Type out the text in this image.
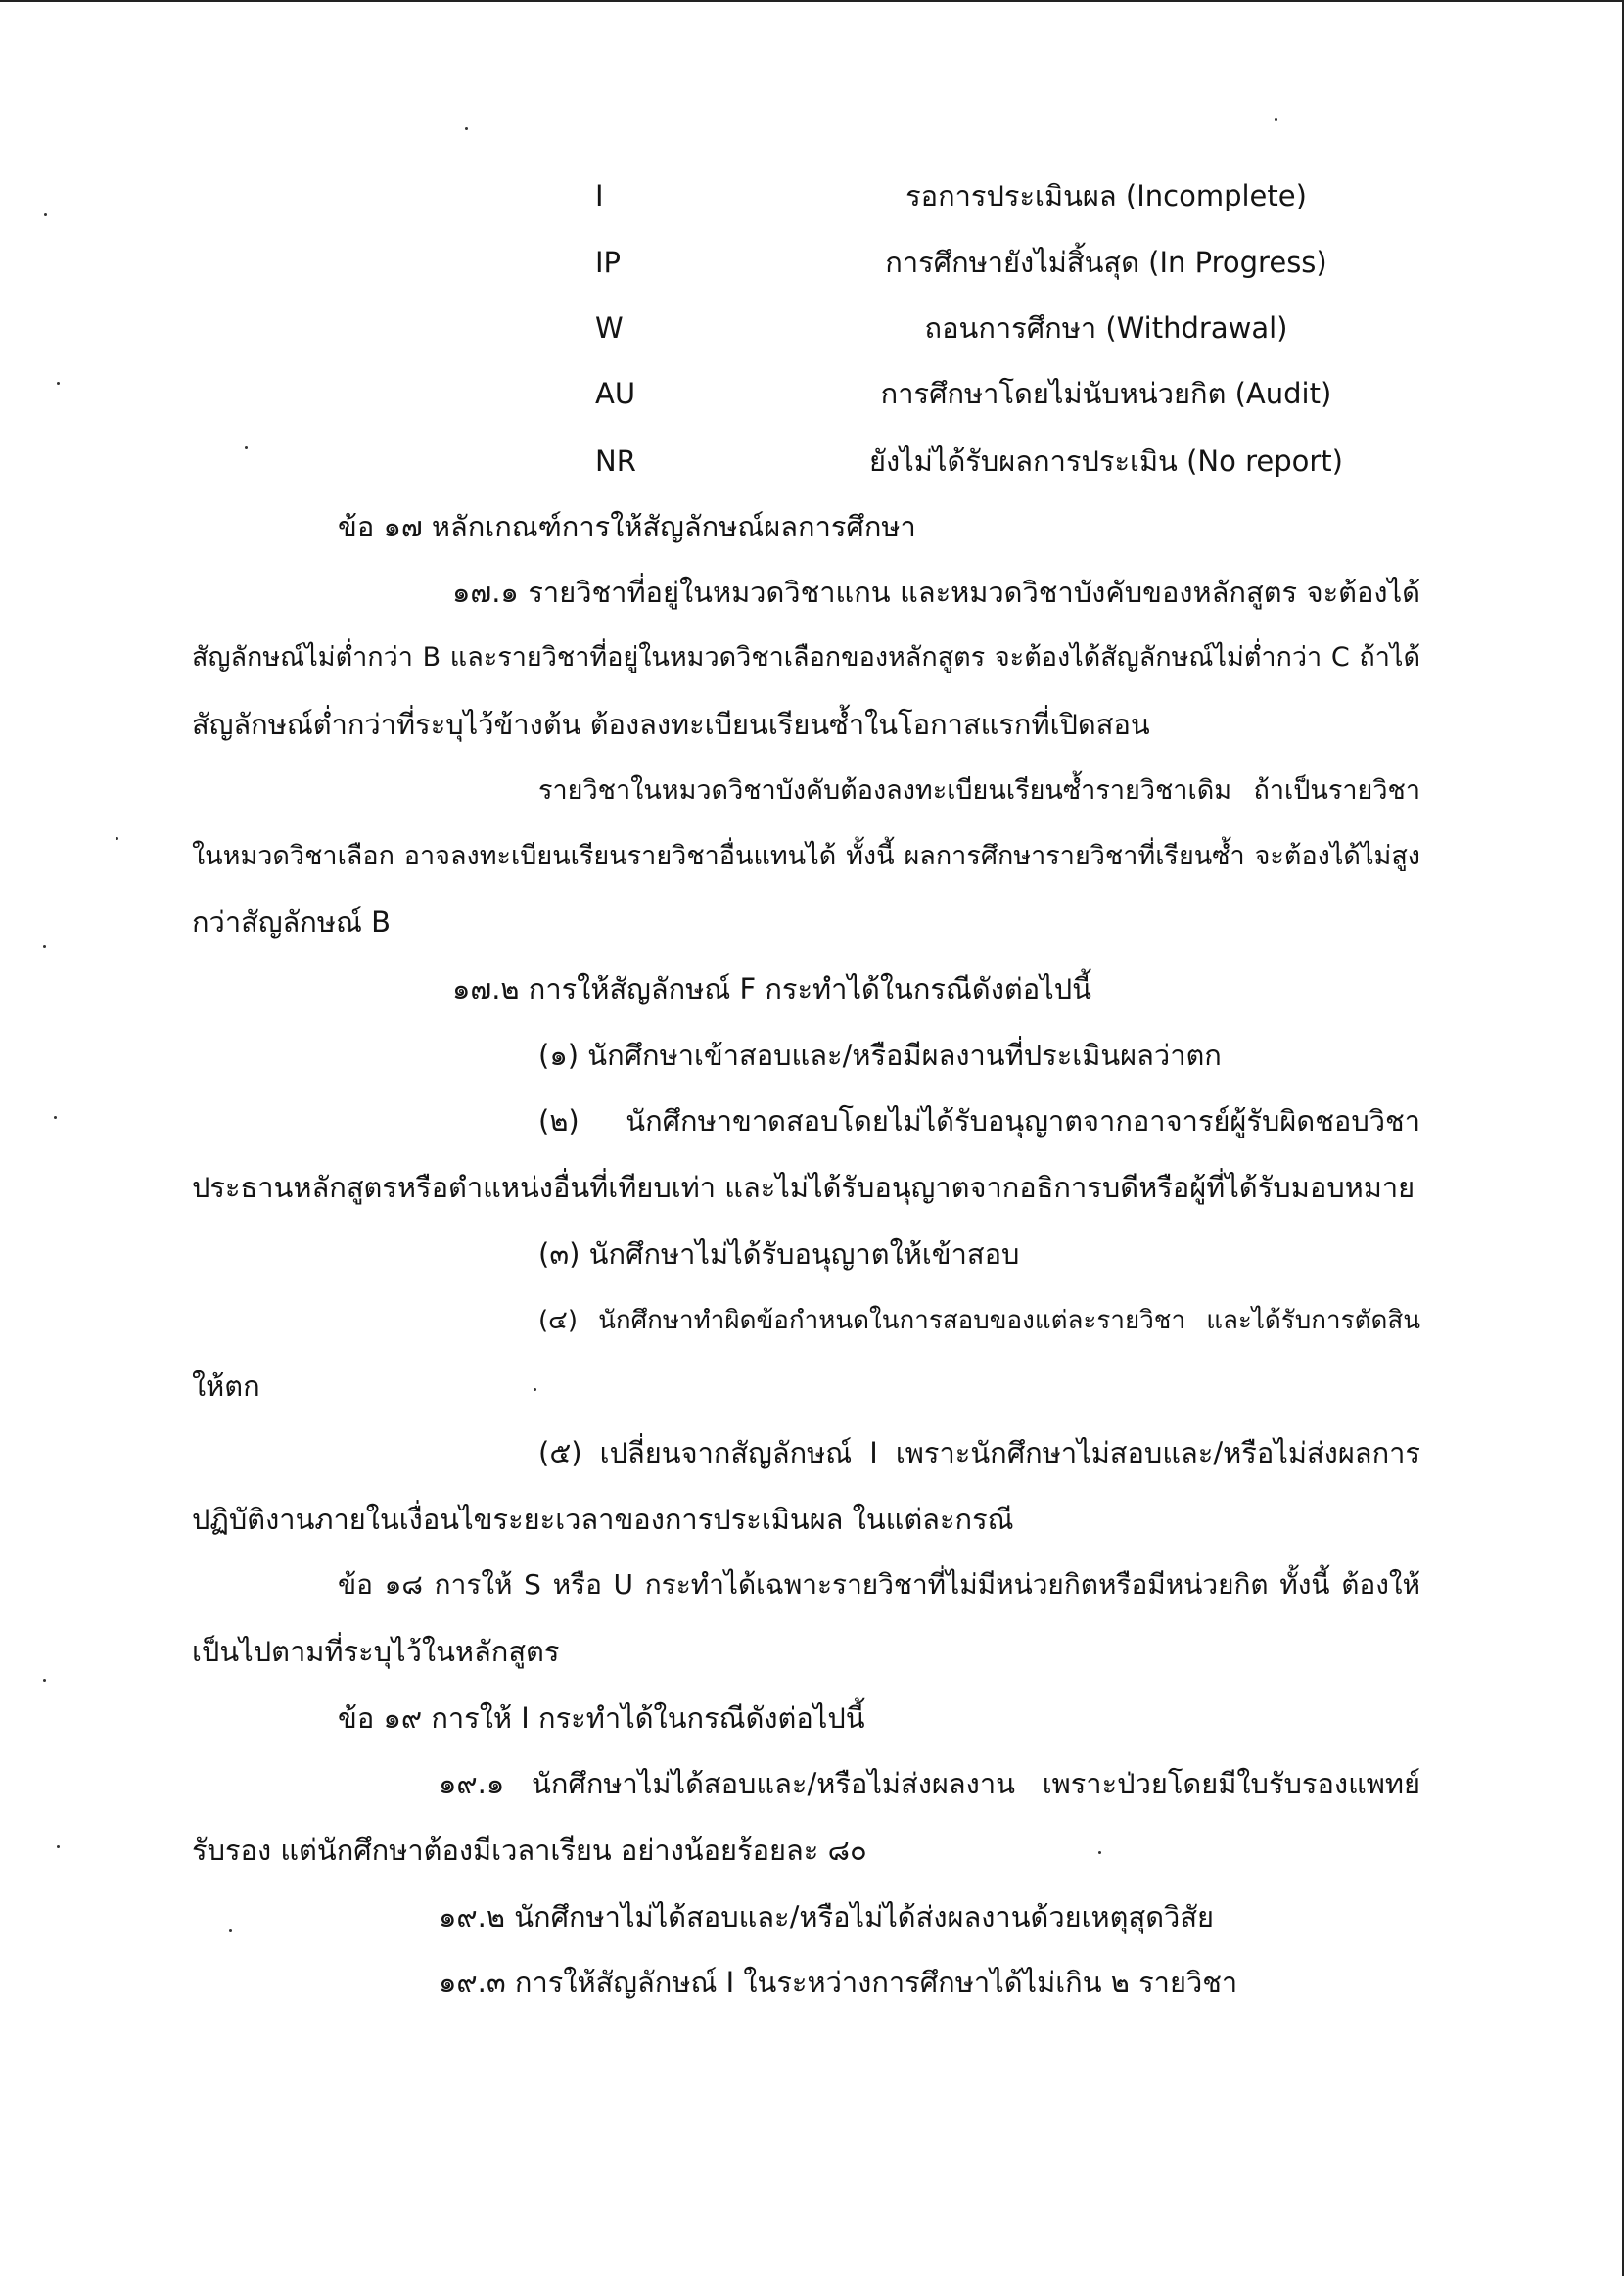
I	รอการประเมินผล (Incomplete)
IP	การศึกษายังไม่สิ้นสุด (In Progress)
W	ถอนการศึกษา (Withdrawal)
AU	การศึกษาโดยไม่นับหน่วยกิต (Audit)
NR	ยังไม่ได้รับผลการประเมิน (No report)
ข้อ ๑๗ หลักเกณฑ์การให้สัญลักษณ์ผลการศึกษา
๑๗.๑ รายวิชาที่อยู่ในหมวดวิชาแกน และหมวดวิชาบังคับของหลักสูตร จะต้องได้
สัญลักษณ์ไม่ต่ำกว่า B และรายวิชาที่อยู่ในหมวดวิชาเลือกของหลักสูตร จะต้องได้สัญลักษณ์ไม่ต่ำกว่า C ถ้าได้
สัญลักษณ์ต่ำกว่าที่ระบุไว้ข้างต้น ต้องลงทะเบียนเรียนซ้ำในโอกาสแรกที่เปิดสอน
รายวิชาในหมวดวิชาบังคับต้องลงทะเบียนเรียนซ้ำรายวิชาเดิม ถ้าเป็นรายวิชา
ในหมวดวิชาเลือก อาจลงทะเบียนเรียนรายวิชาอื่นแทนได้ ทั้งนี้ ผลการศึกษารายวิชาที่เรียนซ้ำ จะต้องได้ไม่สูง
กว่าสัญลักษณ์ B
๑๗.๒ การให้สัญลักษณ์ F กระทำได้ในกรณีดังต่อไปนี้
(๑) นักศึกษาเข้าสอบและ/หรือมีผลงานที่ประเมินผลว่าตก
(๒) นักศึกษาขาดสอบโดยไม่ได้รับอนุญาตจากอาจารย์ผู้รับผิดชอบวิชา
ประธานหลักสูตรหรือตำแหน่งอื่นที่เทียบเท่า และไม่ได้รับอนุญาตจากอธิการบดีหรือผู้ที่ได้รับมอบหมาย
(๓) นักศึกษาไม่ได้รับอนุญาตให้เข้าสอบ
(๔) นักศึกษาทำผิดข้อกำหนดในการสอบของแต่ละรายวิชา และได้รับการตัดสิน
ให้ตก
(๕) เปลี่ยนจากสัญลักษณ์ I เพราะนักศึกษาไม่สอบและ/หรือไม่ส่งผลการ
ปฏิบัติงานภายในเงื่อนไขระยะเวลาของการประเมินผล ในแต่ละกรณี
ข้อ ๑๘ การให้ S หรือ U กระทำได้เฉพาะรายวิชาที่ไม่มีหน่วยกิตหรือมีหน่วยกิต ทั้งนี้ ต้องให้
เป็นไปตามที่ระบุไว้ในหลักสูตร
ข้อ ๑๙ การให้ I กระทำได้ในกรณีดังต่อไปนี้
๑๙.๑ นักศึกษาไม่ได้สอบและ/หรือไม่ส่งผลงาน เพราะป่วยโดยมีใบรับรองแพทย์
รับรอง แต่นักศึกษาต้องมีเวลาเรียน อย่างน้อยร้อยละ ๘๐
๑๙.๒ นักศึกษาไม่ได้สอบและ/หรือไม่ได้ส่งผลงานด้วยเหตุสุดวิสัย
๑๙.๓ การให้สัญลักษณ์ I ในระหว่างการศึกษาได้ไม่เกิน ๒ รายวิชา
